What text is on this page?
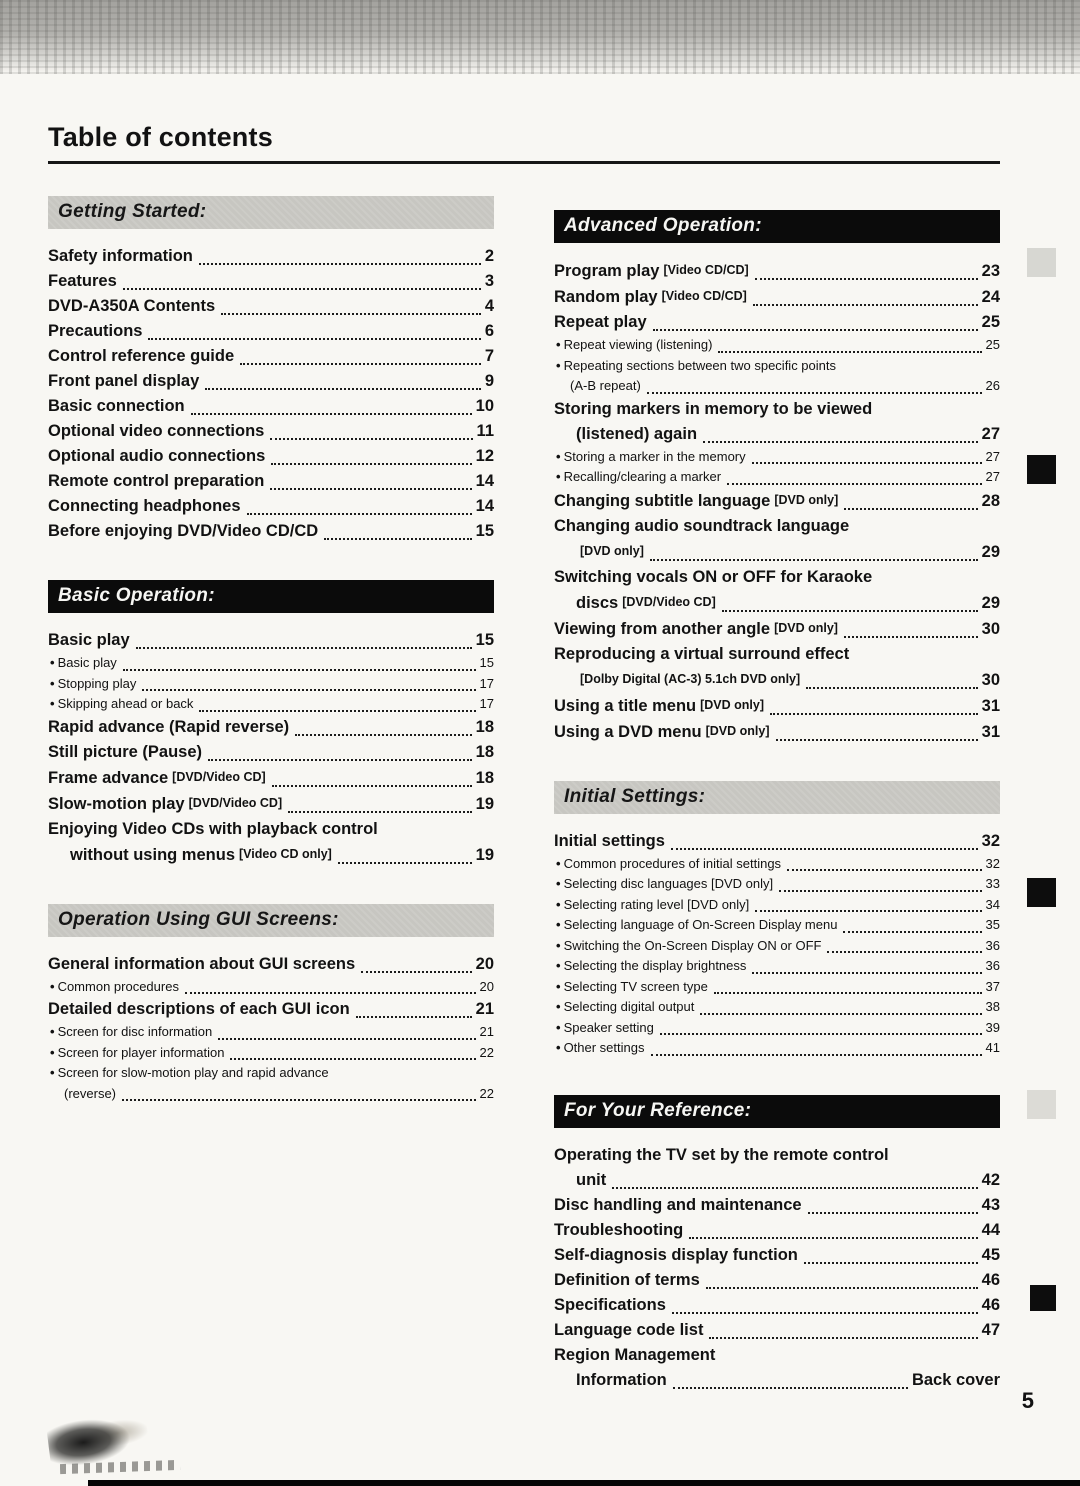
Table of contents
Getting Started:
Safety information	2
Features	3
DVD-A350A Contents	4
Precautions	6
Control reference guide	7
Front panel display	9
Basic connection	10
Optional video connections	11
Optional audio connections	12
Remote control preparation	14
Connecting headphones	14
Before enjoying DVD/Video CD/CD	15
Basic Operation:
Basic play	15
• Basic play	15
• Stopping play	17
• Skipping ahead or back	17
Rapid advance (Rapid reverse)	18
Still picture (Pause)	18
Frame advance [DVD/Video CD]	18
Slow-motion play [DVD/Video CD]	19
Enjoying Video CDs with playback control
without using menus [Video CD only]	19
Operation Using GUI Screens:
General information about GUI screens	20
• Common procedures	20
Detailed descriptions of each GUI icon	21
• Screen for disc information	21
• Screen for player information	22
• Screen for slow-motion play and rapid advance
(reverse)	22
Advanced Operation:
Program play [Video CD/CD]	23
Random play [Video CD/CD]	24
Repeat play	25
• Repeat viewing (listening)	25
• Repeating sections between two specific points
(A-B repeat)	26
Storing markers in memory to be viewed
(listened) again	27
• Storing a marker in the memory	27
• Recalling/clearing a marker	27
Changing subtitle language [DVD only]	28
Changing audio soundtrack language
[DVD only]	29
Switching vocals ON or OFF for Karaoke
discs [DVD/Video CD]	29
Viewing from another angle [DVD only]	30
Reproducing a virtual surround effect
[Dolby Digital (AC-3) 5.1ch DVD only]	30
Using a title menu [DVD only]	31
Using a DVD menu [DVD only]	31
Initial Settings:
Initial settings	32
• Common procedures of initial settings	32
• Selecting disc languages [DVD only]	33
• Selecting rating level [DVD only]	34
• Selecting language of On-Screen Display menu	35
• Switching the On-Screen Display ON or OFF	36
• Selecting the display brightness	36
• Selecting TV screen type	37
• Selecting digital output	38
• Speaker setting	39
• Other settings	41
For Your Reference:
Operating the TV set by the remote control
unit	42
Disc handling and maintenance	43
Troubleshooting	44
Self-diagnosis display function	45
Definition of terms	46
Specifications	46
Language code list	47
Region Management
Information	Back cover
5
